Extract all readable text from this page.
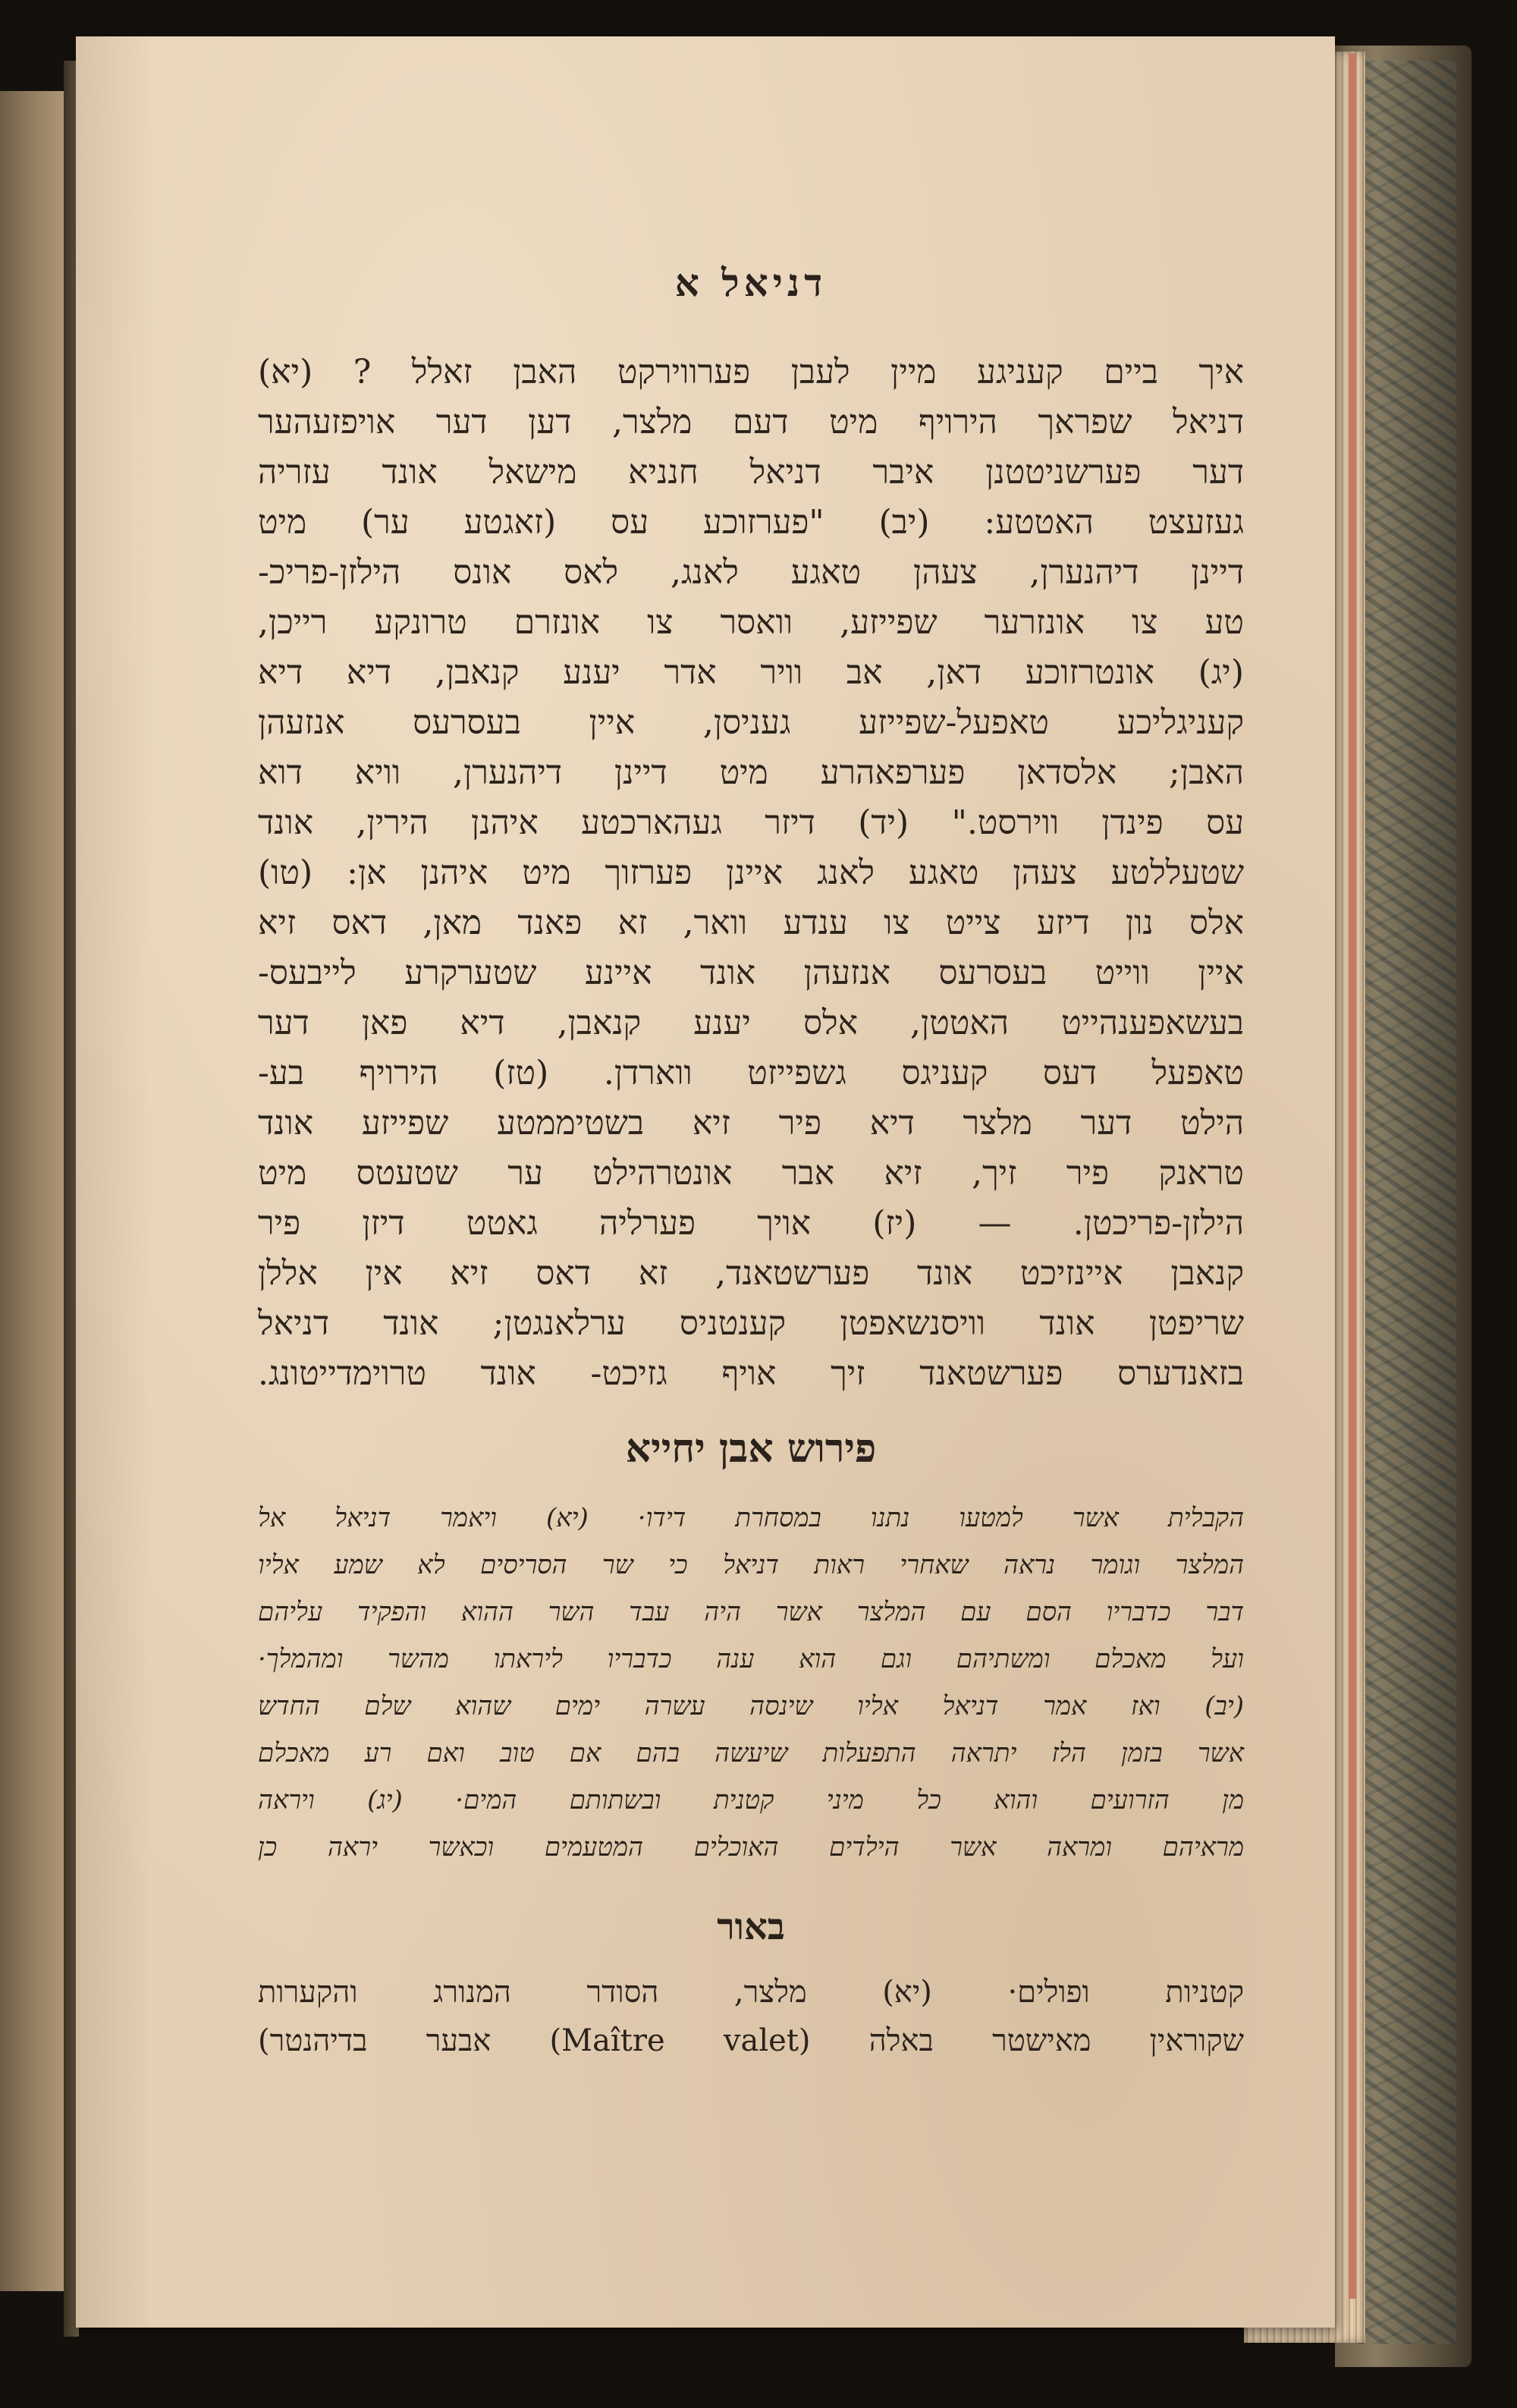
דניאל א
איך ביים קעניגע מיין לעבן פערווירקט האבן זאלל ? (יא)
דניאל שפראך הירויף מיט דעם מלצר, דען דער אויפזעהער
דער פערשניטטנן איבר דניאל חנניא מישאל אונד עזריה
געזעצט האטטע: (יב) "פערזוכע עס (זאגטע ער) מיט
דיינן דיהנערן, צעהן טאגע לאנג, לאס אונס הילזן-פריכ-
טע צו אונזרער שפייזע, וואסר צו אונזרם טרונקע רייכן,
(יג) אונטרזוכע דאן, אב וויר אדר יענע קנאבן, דיא דיא
קעניגליכע טאפעל-שפייזע געניסן, איין בעסרעס אנזעהן
האבן; אלסדאן פערפאהרע מיט דיינן דיהנערן, וויא דוא
עס פינדן ווירסט." (יד) דיזר געהארכטע איהנן הירין, אונד
שטעללטע צעהן טאגע לאנג איינן פערזוך מיט איהנן אן: (טו)
אלס נון דיזע צייט צו ענדע וואר, זא פאנד מאן, דאס זיא
איין ווייט בעסרעס אנזעהן אונד איינע שטערקרע לייבעס-
בעשאפענהייט האטטן, אלס יענע קנאבן, דיא פאן דער
טאפעל דעס קעניגס גשפייזט ווארדן. (טז) הירויף בע-
הילט דער מלצר דיא פיר זיא בשטיממטע שפייזע אונד
טראנק פיר זיך, זיא אבר אונטרהילט ער שטעטס מיט
הילזן-פריכטן. — (יז) אויך פערליה גאטט דיזן פיר
קנאבן איינזיכט אונד פערשטאנד, זא דאס זיא אין אללן
שריפטן אונד וויסנשאפטן קענטניס ערלאנגטן; אונד דניאל
בזאנדערס פערשטאנד זיך אויף גזיכט- אונד טרוימדייטונג.
פירוש אבן יחייא
הקבלית אשר למטעו נתנו במסחרת דידו· (יא) ויאמר דניאל אל
המלצר וגומר נראה שאחרי ראות דניאל כי שר הסריסים לא שמע אליו
דבר כדבריו הסם עם המלצר אשר היה עבד השר ההוא והפקיד עליהם
ועל מאכלם ומשתיהם וגם הוא ענה כדבריו ליראתו מהשר ומהמלך·
(יב) ואז אמר דניאל אליו שינסה עשרה ימים שהוא שלם החדש
אשר בזמן הלז יתראה התפעלות שיעשה בהם אם טוב ואם רע מאכלם
מן הזרועים והוא כל מיני קטנית ובשתותם המים· (יג) ויראה
מראיהם ומראה אשר הילדים האוכלים המטעמים וכאשר יראה כן
באור
קטניות ופולים· (יא) מלצר, הסודר המנורג והקערות
שקוראין מאישטר באלה (Maître valet) אבער בדיהנטר)
